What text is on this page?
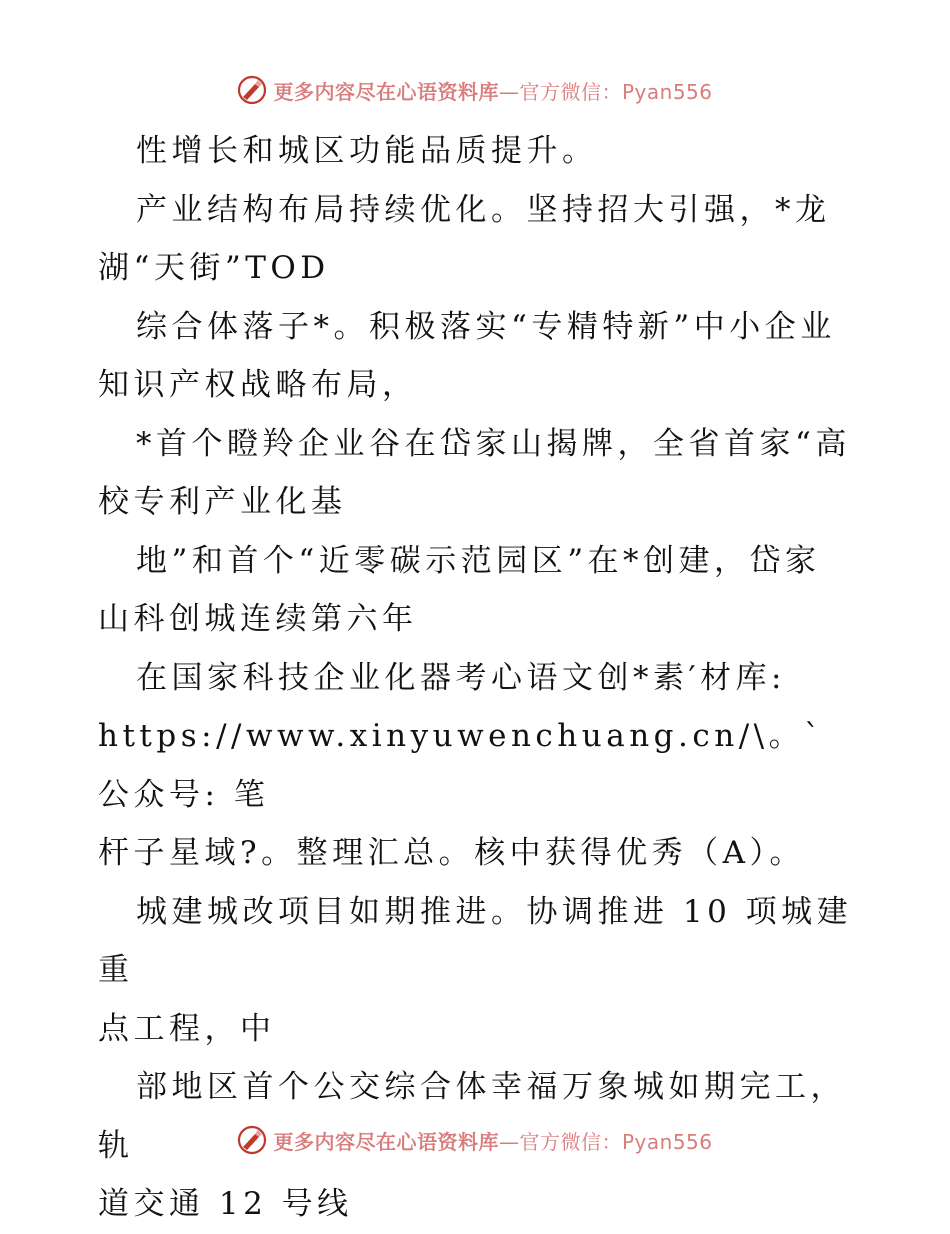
更多内容尽在心语资料库—官方微信：Pyan556

性增长和城区功能品质提升。

产业结构布局持续优化。坚持招大引强，*龙

湖“天街”TOD

综合体落子*。积极落实“专精特新”中小企业

知识产权战略布局，

*首个瞪羚企业谷在岱家山揭牌，全省首家“高

校专利产业化基

地”和首个“近零碳示范园区”在*创建，岱家

山科创城连续第六年

在国家科技企业化器考心语文创*素′材库:

https://www.xinyuwenchuang.cn/\。`公众号: 笔

杆子星域?。整理汇总。核中获得优秀（A）。

城建城改项目如期推进。协调推进 10 项城建重

点工程，中

部地区首个公交综合体幸福万象城如期完工，轨

道交通 12 号线

更多内容尽在心语资料库—官方微信：Pyan556
